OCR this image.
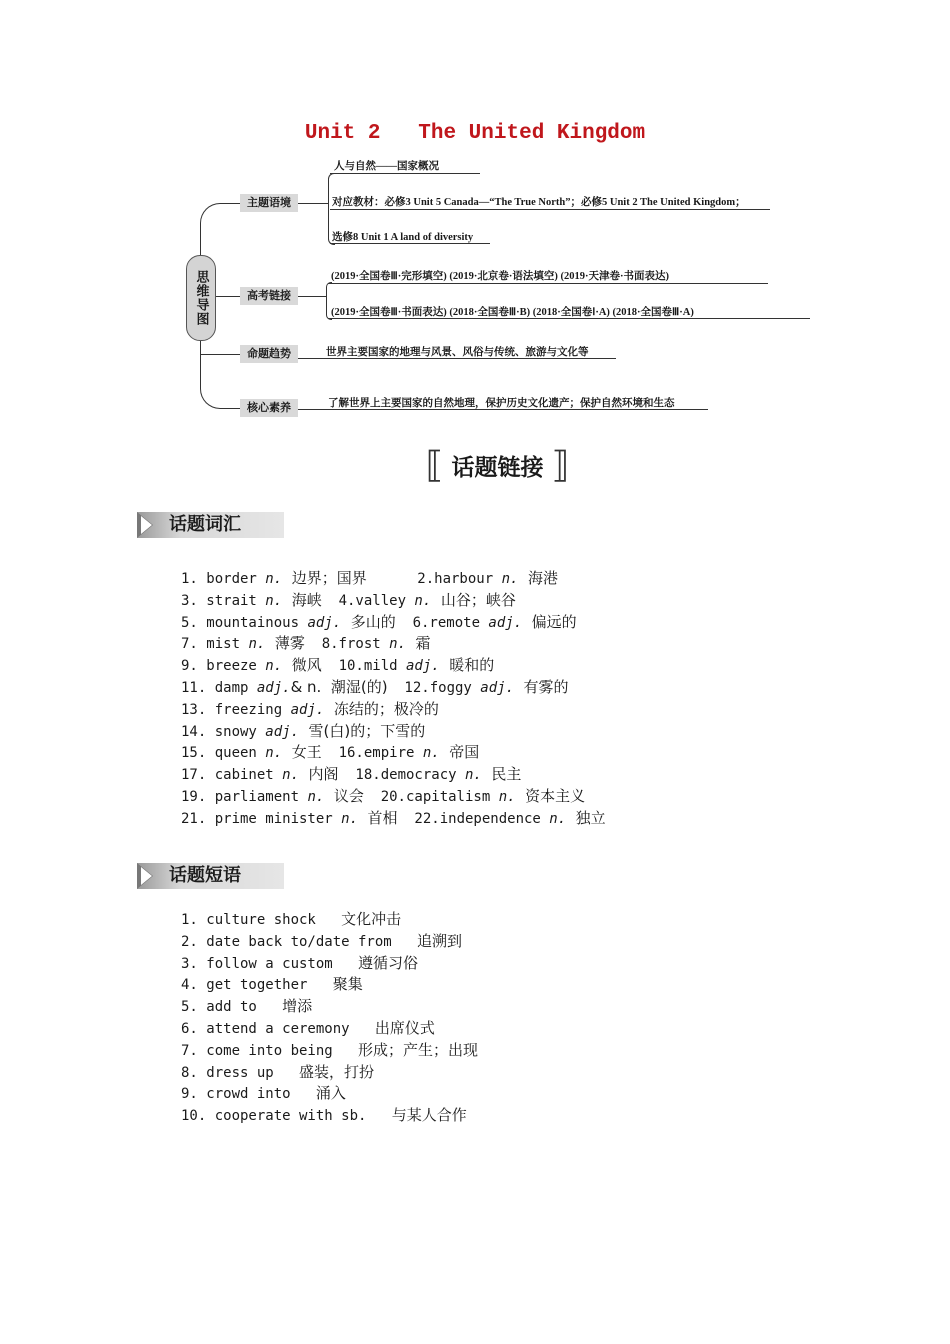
Unit 2   The United Kingdom
思维导图
主题语境
高考链接
命题趋势
核心素养
人与自然——国家概况
对应教材：必修3 Unit 5 Canada—“The True North”；必修5 Unit 2 The United Kingdom；
选修8 Unit 1 A land of diversity
(2019·全国卷Ⅲ·完形填空) (2019·北京卷·语法填空) (2019·天津卷·书面表达)
(2019·全国卷Ⅲ·书面表达) (2018·全国卷Ⅲ·B) (2018·全国卷Ⅰ·A) (2018·全国卷Ⅲ·A)
世界主要国家的地理与风景、风俗与传统、旅游与文化等
了解世界上主要国家的自然地理，保护历史文化遗产；保护自然环境和生态
⟦ 话题链接 ⟧
话题词汇
1. border n.  边界；国界	2.harbour n.  海港
3. strait n.  海峡 4.valley n.  山谷；峡谷
5. mountainous adj.  多山的 6.remote adj.  偏远的
7. mist n.  薄雾 8.frost n.  霜
9. breeze n.  微风 10.mild adj.  暖和的
11. damp adj.& n.  潮湿(的) 12.foggy adj.  有雾的
13. freezing adj.  冻结的；极冷的
14. snowy adj.  雪(白)的；下雪的
15. queen n.  女王 16.empire n.  帝国
17. cabinet n.  内阁 18.democracy n.  民主
19. parliament n.  议会 20.capitalism n.  资本主义
21. prime minister n.  首相 22.independence n.  独立
话题短语
1. culture shock 文化冲击
2. date back to/date from 追溯到
3. follow a custom 遵循习俗
4. get together 聚集
5. add to 增添
6. attend a ceremony 出席仪式
7. come into being 形成；产生；出现
8. dress up 盛装，打扮
9. crowd into 涌入
10. cooperate with sb. 与某人合作
